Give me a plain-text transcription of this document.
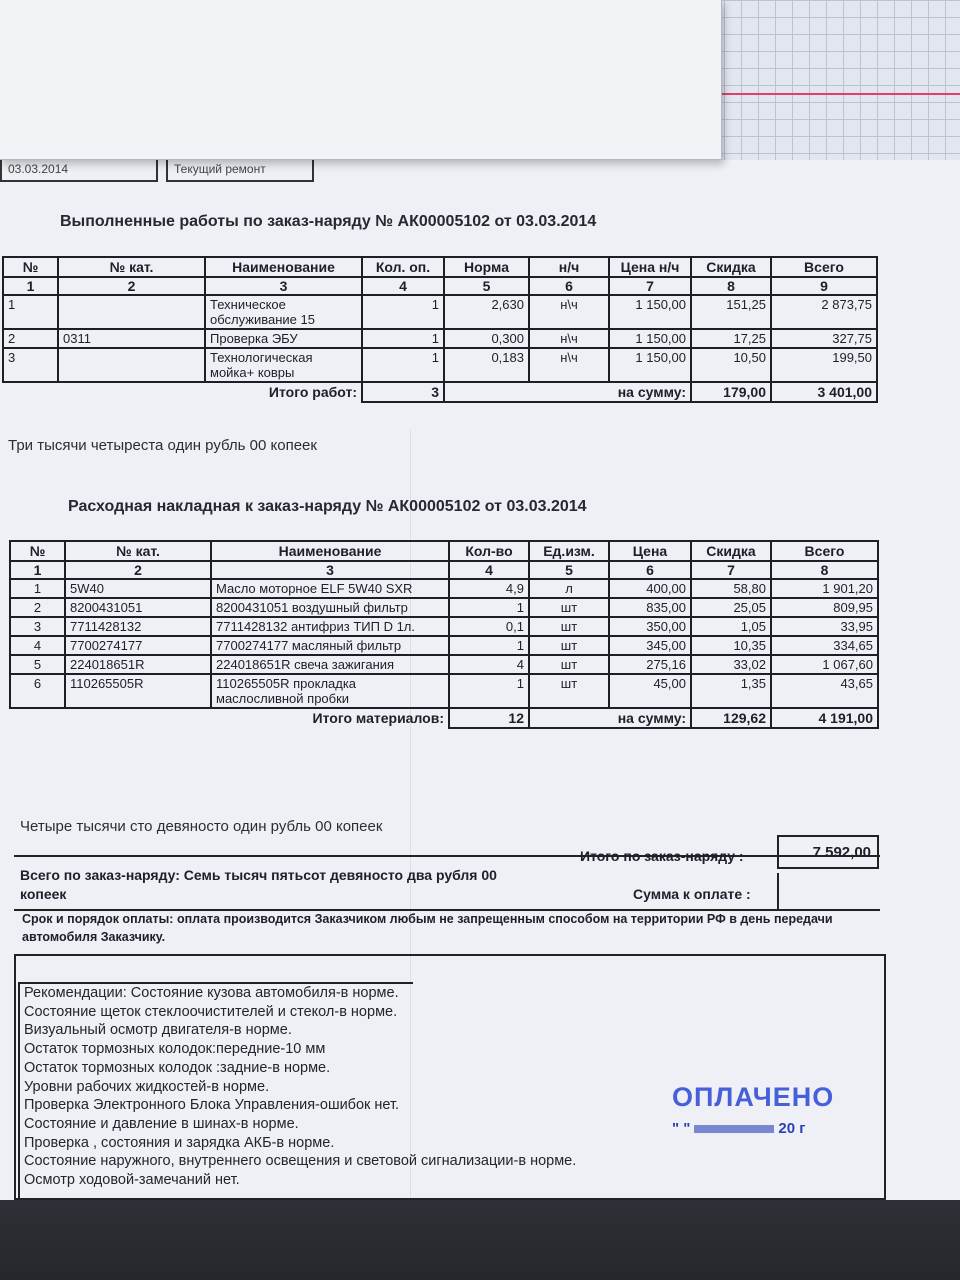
03.03.2014	Текущий ремонт
Выполненные работы по заказ-наряду № АК00005102 от 03.03.2014
№	№ кат.	Наименование	Кол. оп.	Норма	н/ч	Цена н/ч	Скидка	Всего
1	2	3	4	5	6	7	8	9
1		Техническое обслуживание 15	1	2,630	н\ч	1 150,00	151,25	2 873,75
2	0311	Проверка ЭБУ	1	0,300	н\ч	1 150,00	17,25	327,75
3		Технологическая мойка+ ковры	1	0,183	н\ч	1 150,00	10,50	199,50
		Итого работ:	3	на сумму:			179,00	3 401,00
Три тысячи четыреста один рубль 00 копеек
Расходная накладная к заказ-наряду № АК00005102 от 03.03.2014
№	№ кат.	Наименование	Кол-во	Ед.изм.	Цена	Скидка	Всего
1	2	3	4	5	6	7	8
1	5W40	Масло моторное ELF 5W40 SXR	4,9	л	400,00	58,80	1 901,20
2	8200431051	8200431051 воздушный фильтр	1	шт	835,00	25,05	809,95
3	7711428132	7711428132 антифриз ТИП D 1л.	0,1	шт	350,00	1,05	33,95
4	7700274177	7700274177 масляный фильтр	1	шт	345,00	10,35	334,65
5	224018651R	224018651R свеча зажигания	4	шт	275,16	33,02	1 067,60
6	110265505R	110265505R прокладка маслосливной пробки	1	шт	45,00	1,35	43,65
		Итого материалов:	12	на сумму:		129,62	4 191,00
Четыре тысячи сто девяносто один рубль 00 копеек
Итого по заказ-наряду :	7 592,00
Сумма к оплате :
Всего по заказ-наряду: Семь тысяч пятьсот девяносто два рубля 00 копеек
Срок и порядок оплаты: оплата производится Заказчиком любым не запрещенным способом на территории РФ в день передачи автомобиля Заказчику.
Рекомендации: Состояние кузова автомобиля-в норме.
Состояние щеток стеклоочистителей и стекол-в норме.
Визуальный осмотр двигателя-в норме.
Остаток тормозных колодок:передние-10 мм
Остаток тормозных колодок :задние-в норме.
Уровни рабочих жидкостей-в норме.
Проверка Электронного Блока Управления-ошибок нет.
Состояние и давление в шинах-в норме.
Проверка , состояния и зарядка АКБ-в норме.
Состояние наружного, внутреннего освещения и световой сигнализации-в норме.
Осмотр ходовой-замечаний нет.
ОПЛАЧЕНО
" "	20 г
